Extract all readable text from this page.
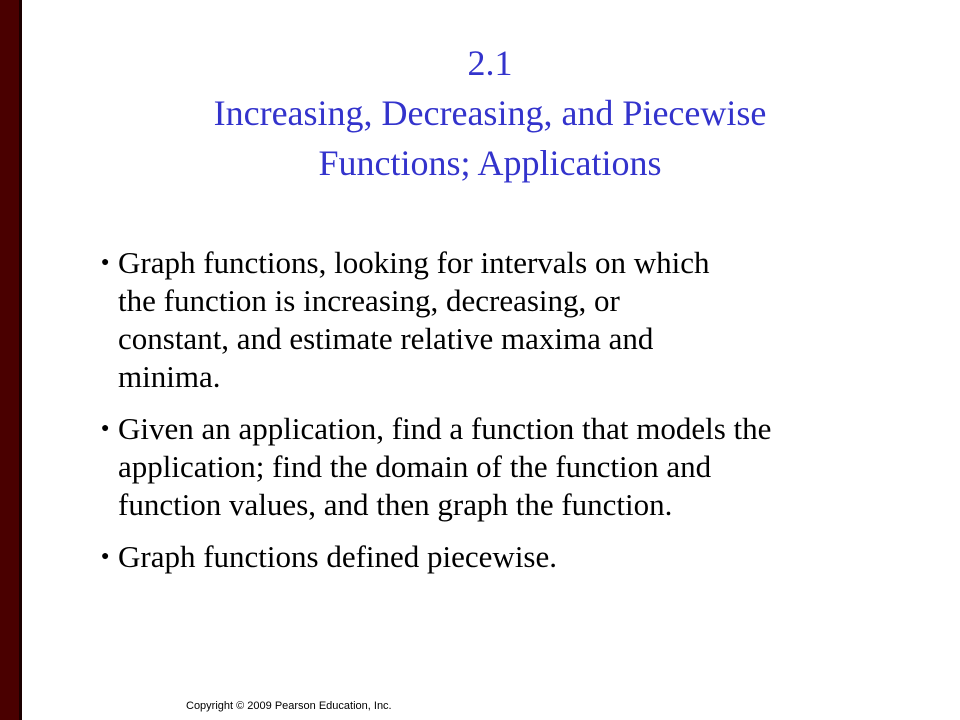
2.1
Increasing, Decreasing, and Piecewise
Functions; Applications
● Graph functions, looking for intervals on which
the function is increasing, decreasing, or
constant, and estimate relative maxima and
minima.
● Given an application, find a function that models the
application; find the domain of the function and
function values, and then graph the function.
● Graph functions defined piecewise.
Copyright © 2009 Pearson Education, Inc.
